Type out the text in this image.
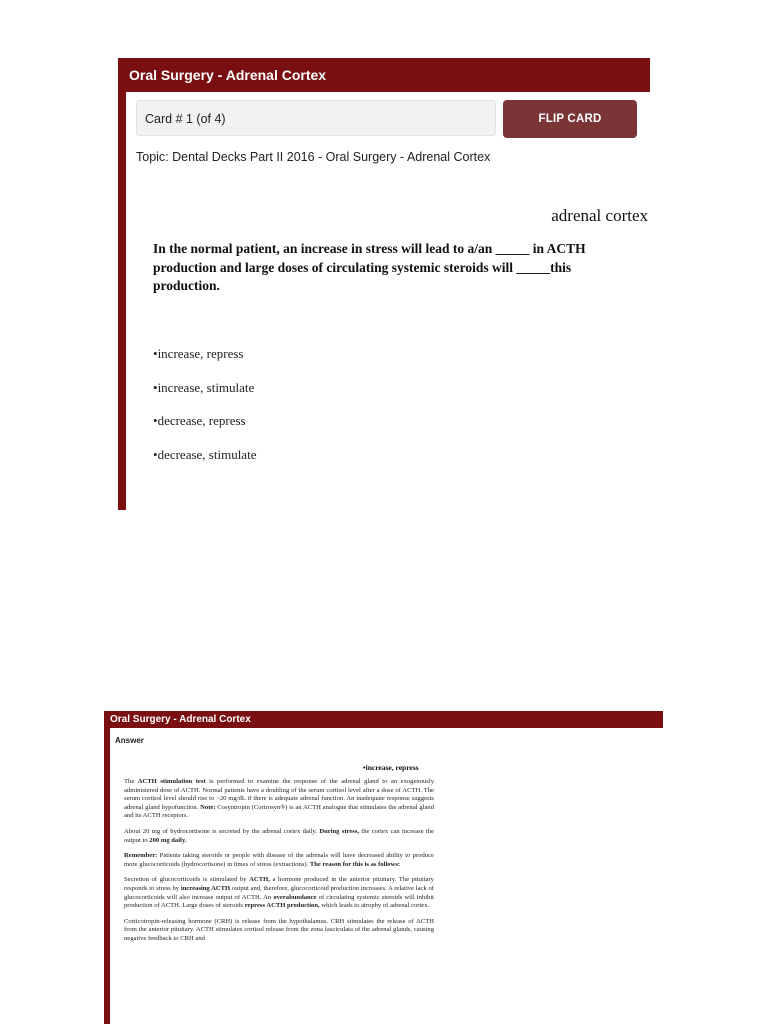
Oral Surgery - Adrenal Cortex
Card # 1 (of 4)	FLIP CARD
Topic: Dental Decks Part II 2016 - Oral Surgery - Adrenal Cortex
adrenal cortex
In the normal patient, an increase in stress will lead to a/an _____ in ACTH production and large doses of circulating systemic steroids will _____this production.
• increase, repress
• increase, stimulate
• decrease, repress
• decrease, stimulate
Oral Surgery - Adrenal Cortex
Answer
• increase, repress

The ACTH stimulation test is performed to examine the response of the adrenal gland to an exogenously administered dose of ACTH. Normal patients have a doubling of the serum cortisol level after a dose of ACTH. The serum cortisol level should rise to >20 mg/dL if there is adequate adrenal function. An inadequate response suggests adrenal gland hypofunction. Note: Cosyntropin (Cortrosyn®) is an ACTH analogue that stimulates the adrenal gland and its ACTH receptors.

About 20 mg of hydrocortisone is secreted by the adrenal cortex daily. During stress, the cortex can increase the output to 200 mg daily.

Remember: Patients taking steroids or people with disease of the adrenals will have decreased ability to produce more glucocorticoids (hydrocortisone) in times of stress (extractions). The reason for this is as follows:

Secretion of glucocorticoids is stimulated by ACTH, a hormone produced in the anterior pituitary. The pituitary responds to stress by increasing ACTH output and, therefore, glucocorticoid production increases. A relative lack of glucocorticoids will also increase output of ACTH. An overabundance of circulating systemic steroids will inhibit production of ACTH. Large doses of steroids repress ACTH production, which leads to atrophy of adrenal cortex.

Corticotropin-releasing hormone (CRH) is release from the hypothalamus. CRH stimulates the release of ACTH from the anterior pituitary. ACTH stimulates cortisol release from the zona fasciculata of the adrenal glands, causing negative feedback to CRH and
